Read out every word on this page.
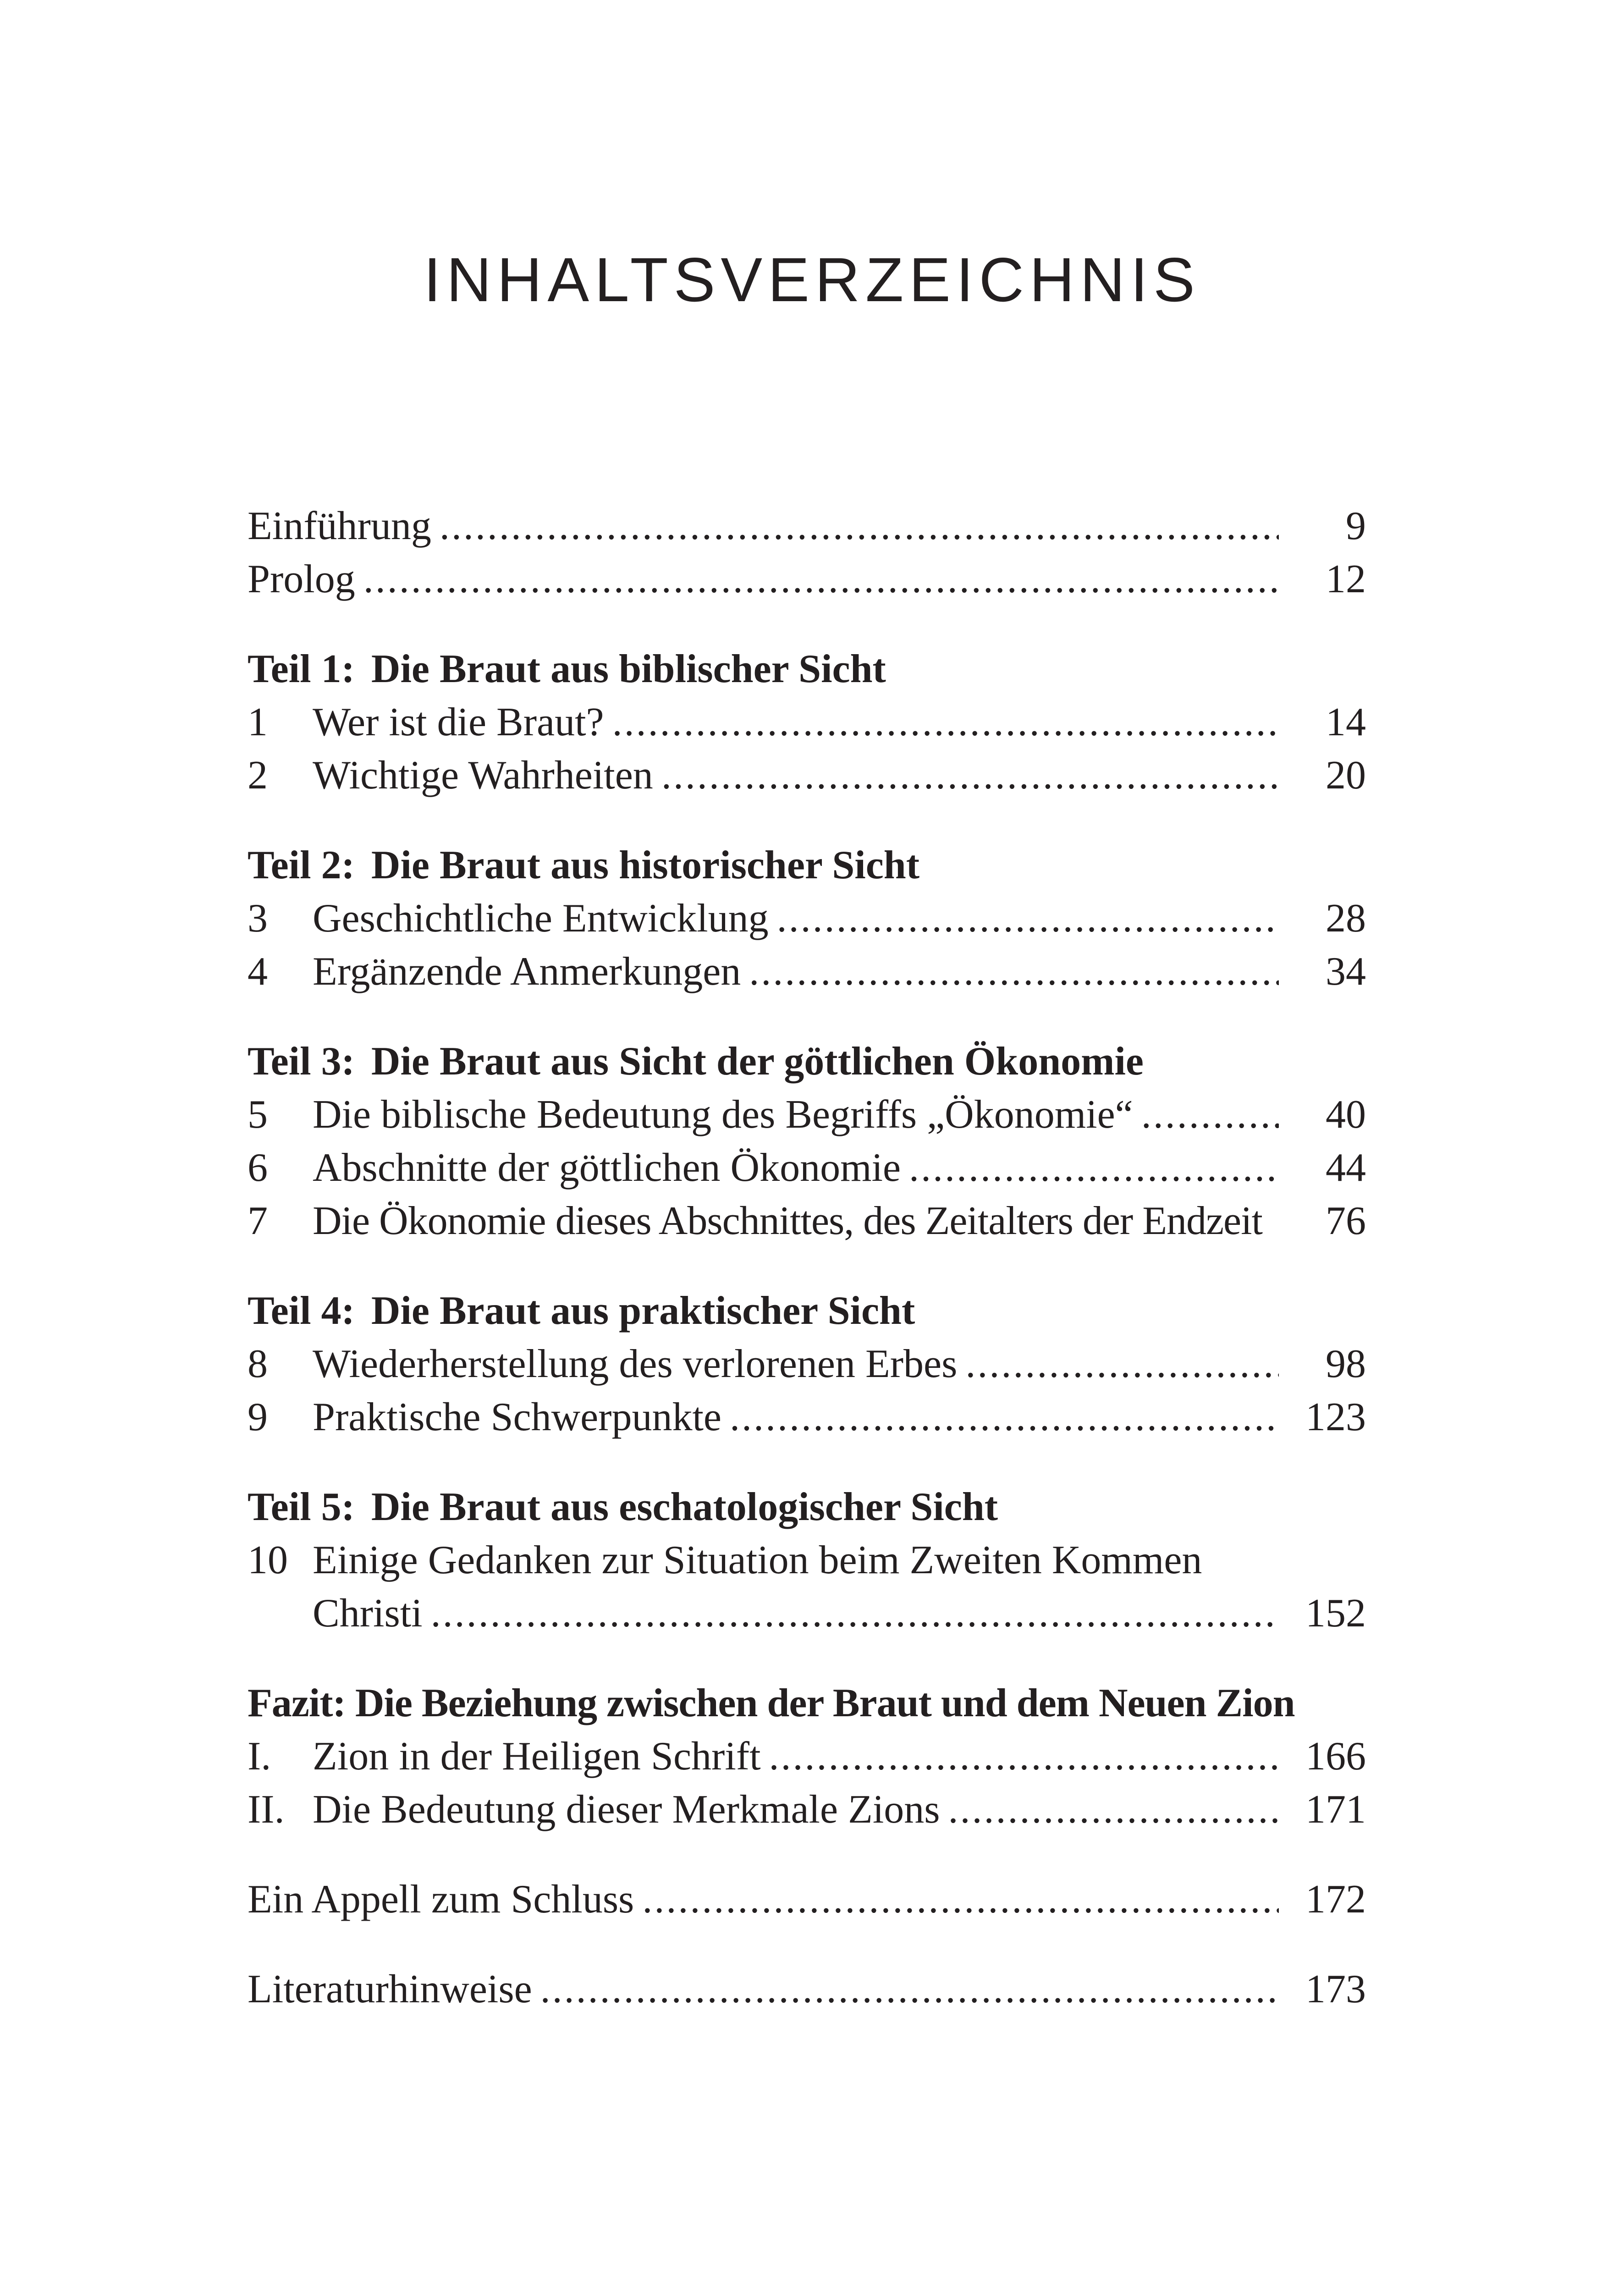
INHALTSVERZEICHNIS
Einführung .....	9
Prolog .....	12
Teil 1: Die Braut aus biblischer Sicht
1	Wer ist die Braut? .....	14
2	Wichtige Wahrheiten .....	20
Teil 2: Die Braut aus historischer Sicht
3	Geschichtliche Entwicklung .....	28
4	Ergänzende Anmerkungen .....	34
Teil 3: Die Braut aus Sicht der göttlichen Ökonomie
5	Die biblische Bedeutung des Begriffs „Ökonomie“ .....	40
6	Abschnitte der göttlichen Ökonomie .....	44
7	Die Ökonomie dieses Abschnittes, des Zeitalters der Endzeit	76
Teil 4: Die Braut aus praktischer Sicht
8	Wiederherstellung des verlorenen Erbes .....	98
9	Praktische Schwerpunkte .....	123
Teil 5: Die Braut aus eschatologischer Sicht
10 Einige Gedanken zur Situation beim Zweiten Kommen
Christi .....	152
Fazit: Die Beziehung zwischen der Braut und dem Neuen Zion
I.	Zion in der Heiligen Schrift .....	166
II. Die Bedeutung dieser Merkmale Zions .....	171
Ein Appell zum Schluss .....	172
Literaturhinweise .....	173
